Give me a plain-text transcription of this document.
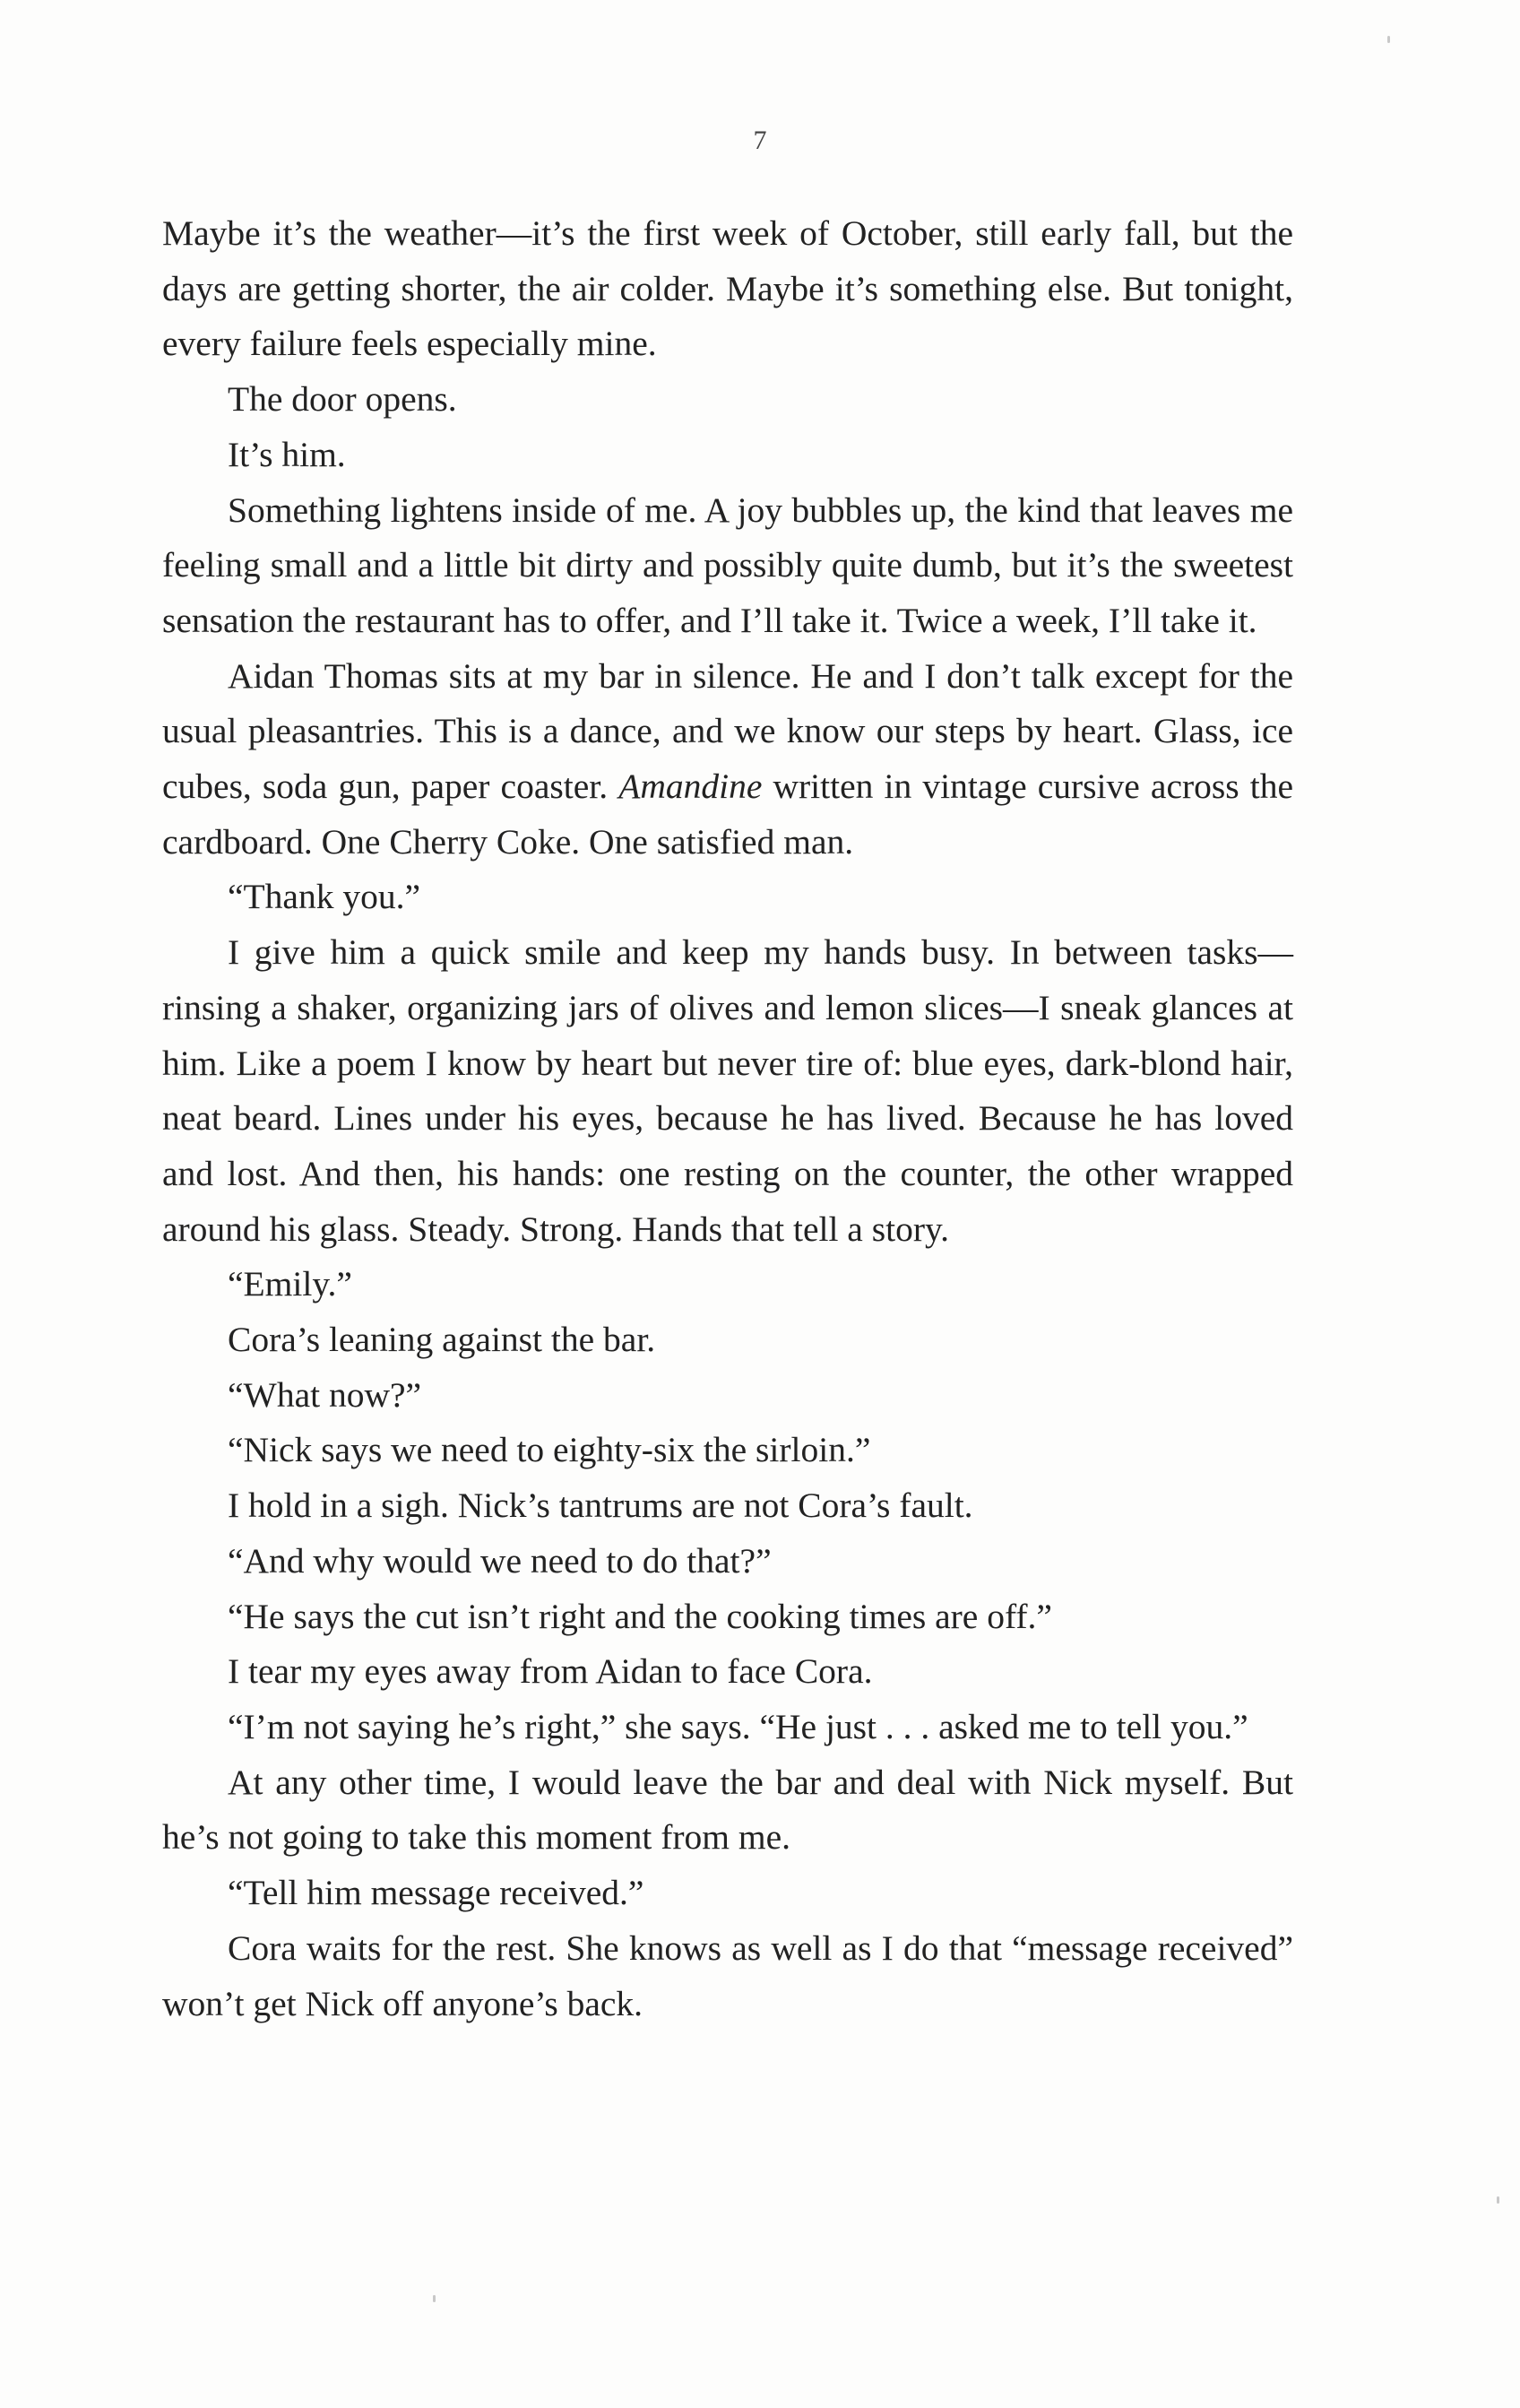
7

Maybe it’s the weather—it’s the first week of October, still early fall, but the days are getting shorter, the air colder. Maybe it’s something else. But tonight, every failure feels especially mine.

The door opens.

It’s him.

Something lightens inside of me. A joy bubbles up, the kind that leaves me feeling small and a little bit dirty and possibly quite dumb, but it’s the sweetest sensation the restaurant has to offer, and I’ll take it. Twice a week, I’ll take it.

Aidan Thomas sits at my bar in silence. He and I don’t talk except for the usual pleasantries. This is a dance, and we know our steps by heart. Glass, ice cubes, soda gun, paper coaster. Amandine written in vintage cursive across the cardboard. One Cherry Coke. One satisfied man.

“Thank you.”

I give him a quick smile and keep my hands busy. In between tasks—rinsing a shaker, organizing jars of olives and lemon slices—I sneak glances at him. Like a poem I know by heart but never tire of: blue eyes, dark-blond hair, neat beard. Lines under his eyes, because he has lived. Because he has loved and lost. And then, his hands: one resting on the counter, the other wrapped around his glass. Steady. Strong. Hands that tell a story.

“Emily.”

Cora’s leaning against the bar.

“What now?”

“Nick says we need to eighty-six the sirloin.”

I hold in a sigh. Nick’s tantrums are not Cora’s fault.

“And why would we need to do that?”

“He says the cut isn’t right and the cooking times are off.”

I tear my eyes away from Aidan to face Cora.

“I’m not saying he’s right,” she says. “He just . . . asked me to tell you.”

At any other time, I would leave the bar and deal with Nick myself. But he’s not going to take this moment from me.

“Tell him message received.”

Cora waits for the rest. She knows as well as I do that “message received” won’t get Nick off anyone’s back.
